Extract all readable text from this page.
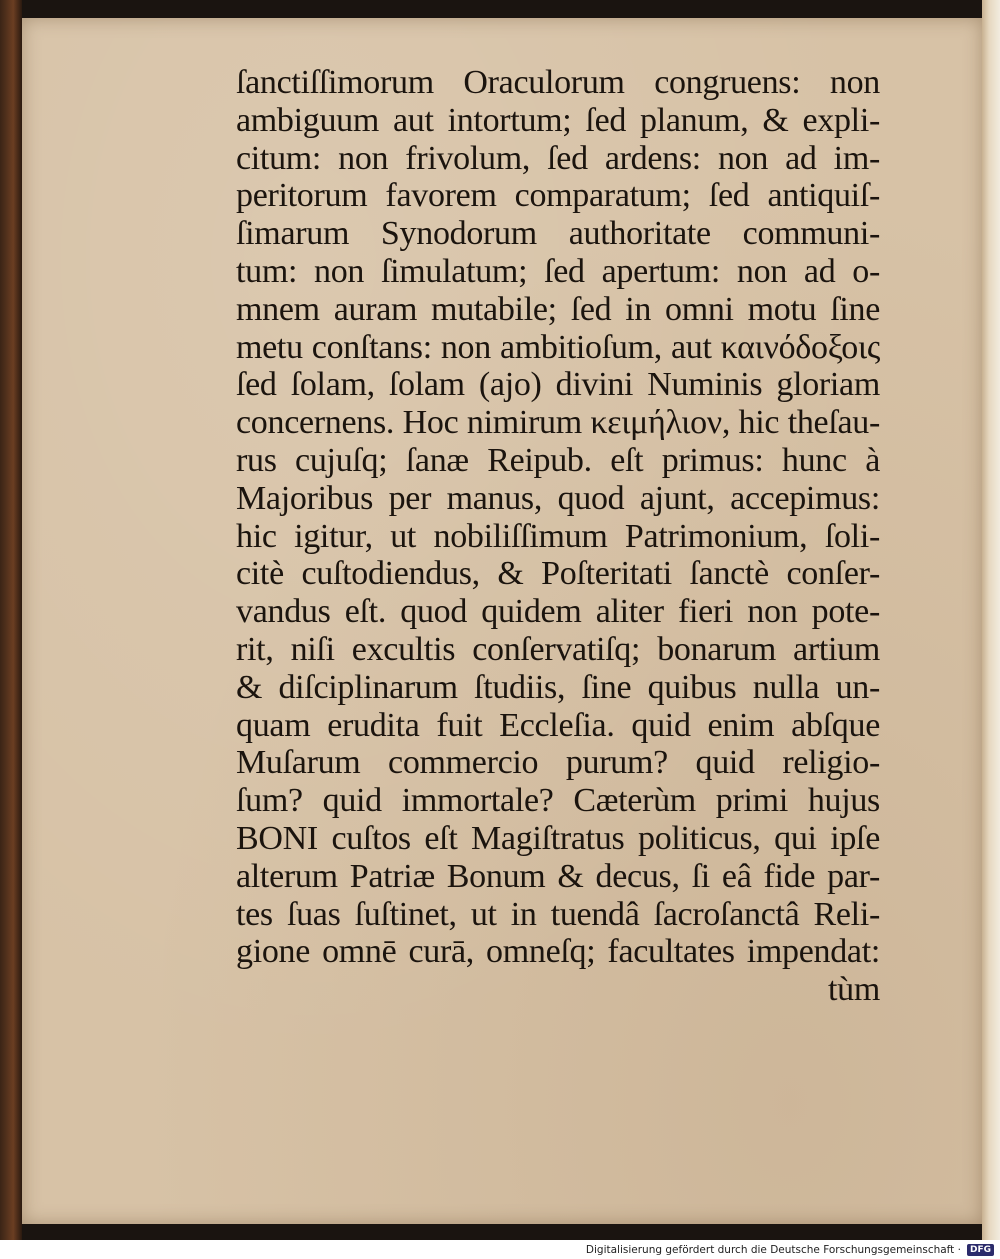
ſanctiſſimorum Oraculorum congruens: non
ambiguum aut intortum; ſed planum, & expli-
citum: non frivolum, ſed ardens: non ad im-
peritorum favorem comparatum; ſed antiquiſ-
ſimarum Synodorum authoritate communi-
tum: non ſimulatum; ſed apertum: non ad o-
mnem auram mutabile; ſed in omni motu ſine
metu conſtans: non ambitioſum, aut καινόδοξοις
ſed ſolam, ſolam (ajo) divini Numinis gloriam
concernens. Hoc nimirum κειμήλιον, hic theſau-
rus cujuſq; ſanæ Reipub. eſt primus: hunc à
Majoribus per manus, quod ajunt, accepimus:
hic igitur, ut nobiliſſimum Patrimonium, ſoli-
citè cuſtodiendus, & Poſteritati ſanctè conſer-
vandus eſt. quod quidem aliter fieri non pote-
rit, niſi excultis conſervatiſq; bonarum artium
& diſciplinarum ſtudiis, ſine quibus nulla un-
quam erudita fuit Eccleſia. quid enim abſque
Muſarum commercio purum? quid religio-
ſum? quid immortale? Cæterùm primi hujus
BONI cuſtos eſt Magiſtratus politicus, qui ipſe
alterum Patriæ Bonum & decus, ſi eâ fide par-
tes ſuas ſuſtinet, ut in tuendâ ſacroſanctâ Reli-
gione omnē curā, omneſq; facultates impendat:
tùm
Digitalisierung gefördert durch die Deutsche Forschungsgemeinschaft ·	DFG
